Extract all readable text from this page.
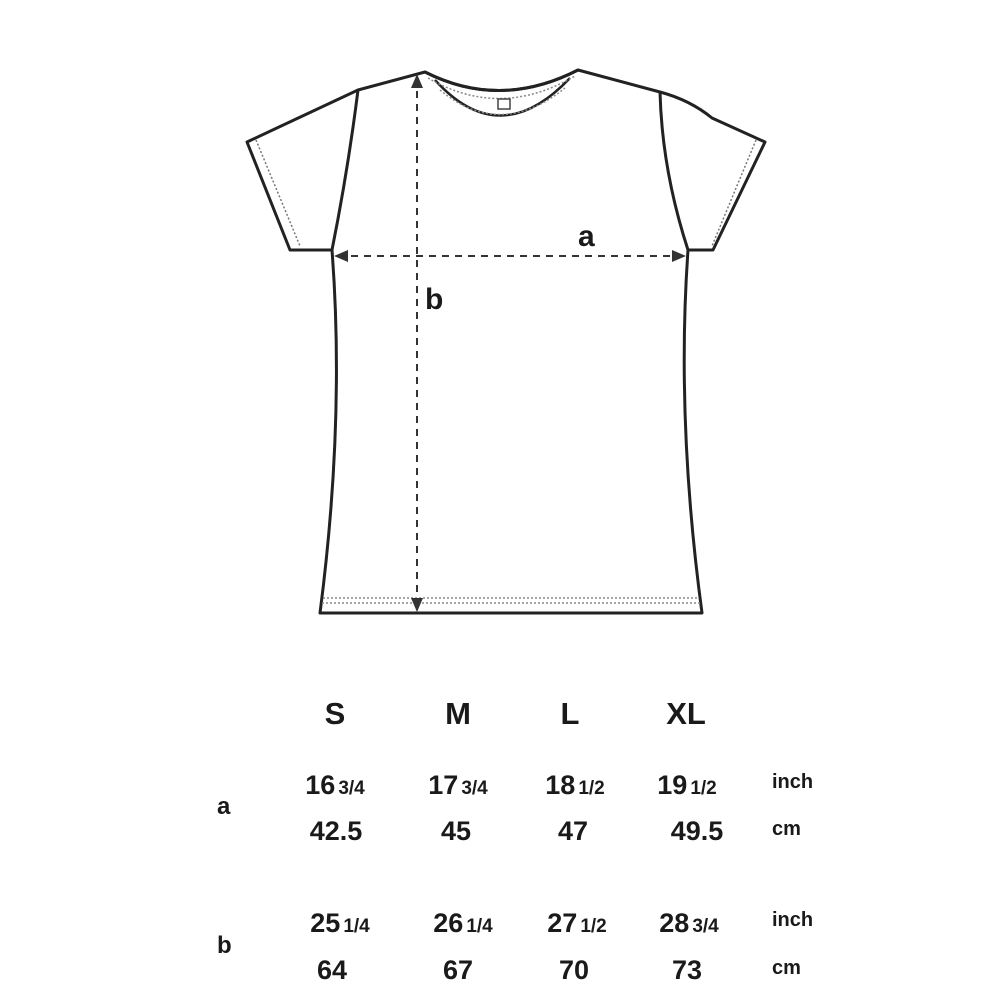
a
b
S	M	L	XL
a
16 3/4	17 3/4	18 1/2	19 1/2	inch
42.5	45	47	49.5	cm
b
25 1/4	26 1/4	27 1/2	28 3/4	inch
64	67	70	73	cm
